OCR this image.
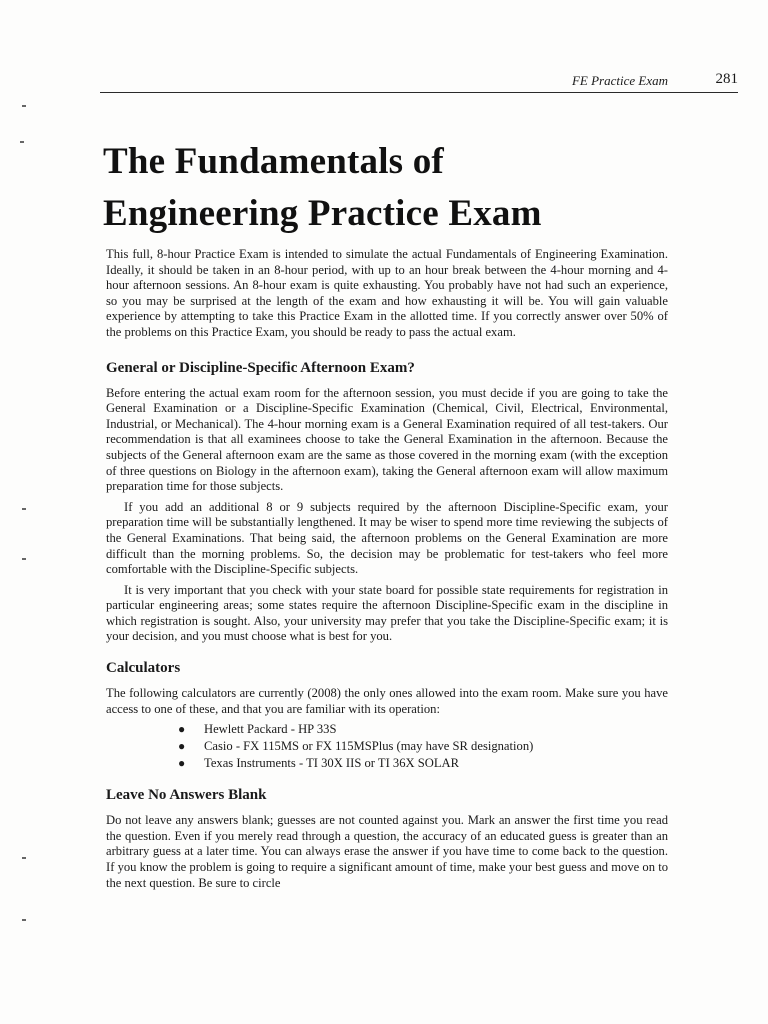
FE Practice Exam	281
The Fundamentals of
Engineering Practice Exam

This full, 8-hour Practice Exam is intended to simulate the actual Fundamentals of Engineering Examination. Ideally, it should be taken in an 8-hour period, with up to an hour break between the 4-hour morning and 4-hour afternoon sessions. An 8-hour exam is quite exhausting. You probably have not had such an experience, so you may be surprised at the length of the exam and how exhausting it will be. You will gain valuable experience by attempting to take this Practice Exam in the allotted time. If you correctly answer over 50% of the problems on this Practice Exam, you should be ready to pass the actual exam.

General or Discipline-Specific Afternoon Exam?

Before entering the actual exam room for the afternoon session, you must decide if you are going to take the General Examination or a Discipline-Specific Examination (Chemical, Civil, Electrical, Environmental, Industrial, or Mechanical). The 4-hour morning exam is a General Examination required of all test-takers. Our recommendation is that all examinees choose to take the General Examination in the afternoon. Because the subjects of the General afternoon exam are the same as those covered in the morning exam (with the exception of three questions on Biology in the afternoon exam), taking the General afternoon exam will allow maximum preparation time for those subjects.

If you add an additional 8 or 9 subjects required by the afternoon Discipline-Specific exam, your preparation time will be substantially lengthened. It may be wiser to spend more time reviewing the subjects of the General Examinations. That being said, the afternoon problems on the General Examination are more difficult than the morning problems. So, the decision may be problematic for test-takers who feel more comfortable with the Discipline-Specific subjects.

It is very important that you check with your state board for possible state requirements for registration in particular engineering areas; some states require the afternoon Discipline-Specific exam in the discipline in which registration is sought. Also, your university may prefer that you take the Discipline-Specific exam; it is your decision, and you must choose what is best for you.

Calculators

The following calculators are currently (2008) the only ones allowed into the exam room. Make sure you have access to one of these, and that you are familiar with its operation:

● Hewlett Packard - HP 33S
● Casio - FX 115MS or FX 115MSPlus (may have SR designation)
● Texas Instruments - TI 30X IIS or TI 36X SOLAR
Leave No Answers Blank

Do not leave any answers blank; guesses are not counted against you. Mark an answer the first time you read the question. Even if you merely read through a question, the accuracy of an educated guess is greater than an arbitrary guess at a later time. You can always erase the answer if you have time to come back to the question. If you know the problem is going to require a significant amount of time, make your best guess and move on to the next question. Be sure to circle
